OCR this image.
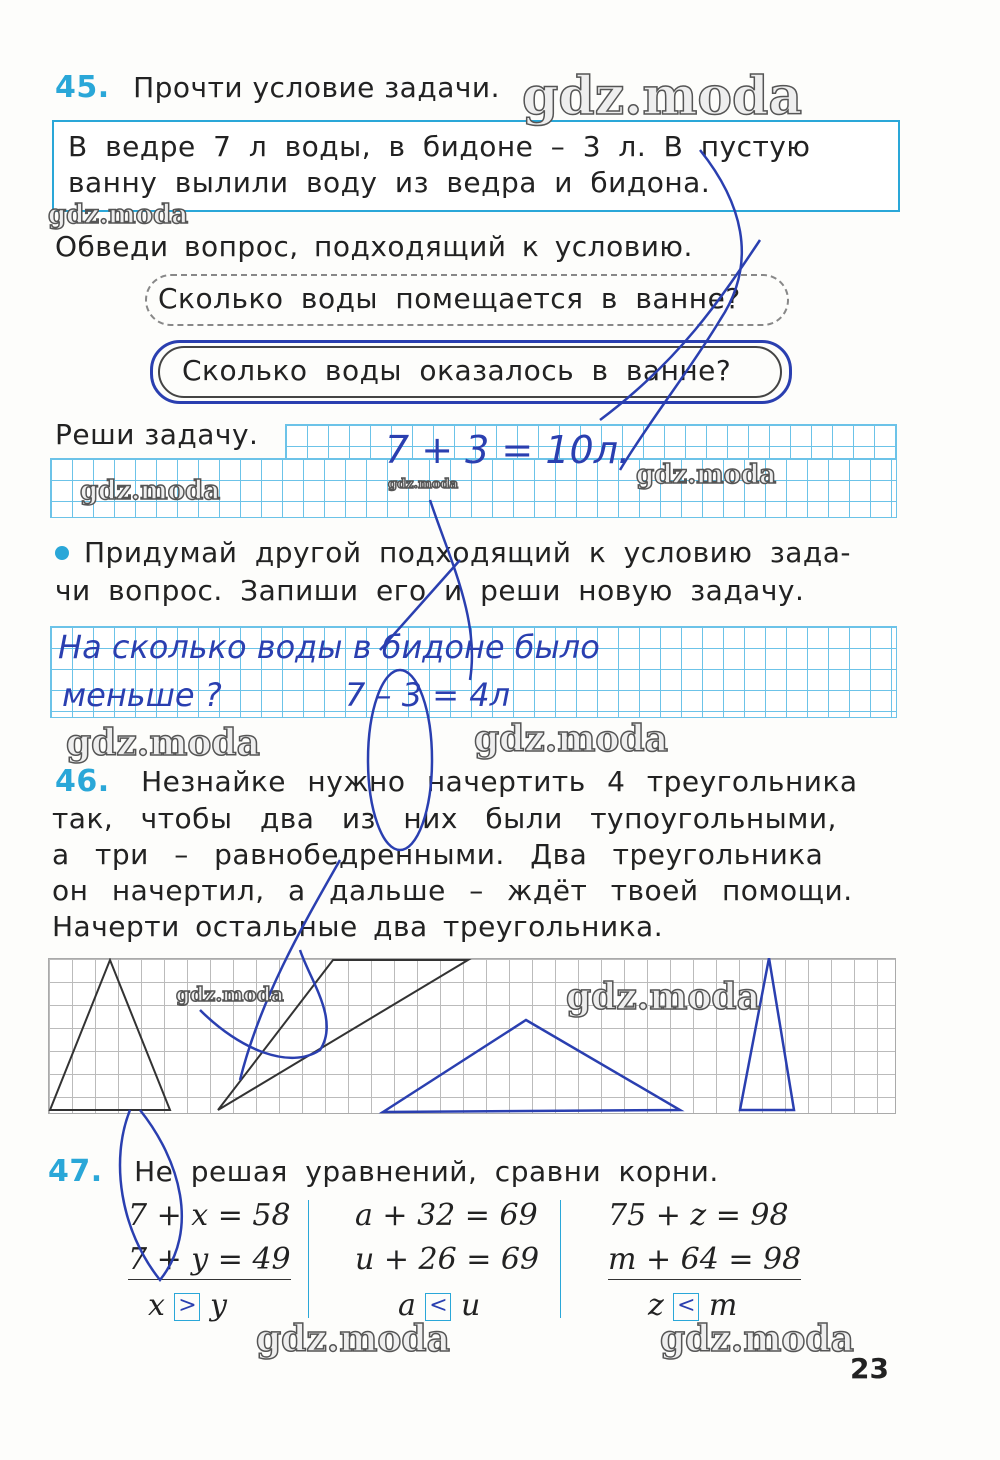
45. Прочти условие задачи.
В ведре 7 л воды, в бидоне – 3 л. В пустую
ванну вылили воду из ведра и бидона.
Обведи вопрос, подходящий к условию.
Сколько воды помещается в ванне?
Сколько воды оказалось в ванне?
Реши задачу.	7 + 3 = 10л.
Придумай другой подходящий к условию зада-
чи вопрос. Запиши его и реши новую задачу.
На сколько воды в бидоне было
меньше ?	7 – 3 = 4л
46. Незнайке нужно начертить 4 треугольника
так, чтобы два из них были тупоугольными,
а три – равнобедренными. Два треугольника
он начертил, а дальше – ждёт твоей помощи.
Начерти остальные два треугольника.
47. Не решая уравнений, сравни корни.
7 + x = 58
7 + y = 49
x > y
a + 32 = 69
u + 26 = 69
a < u
75 + z = 98
m + 64 = 98
z < m
23
gdz.moda
gdz.moda
gdz.moda	gdz.moda	gdz.moda
gdz.moda	gdz.moda
gdz.moda	gdz.moda
gdz.moda	gdz.moda
